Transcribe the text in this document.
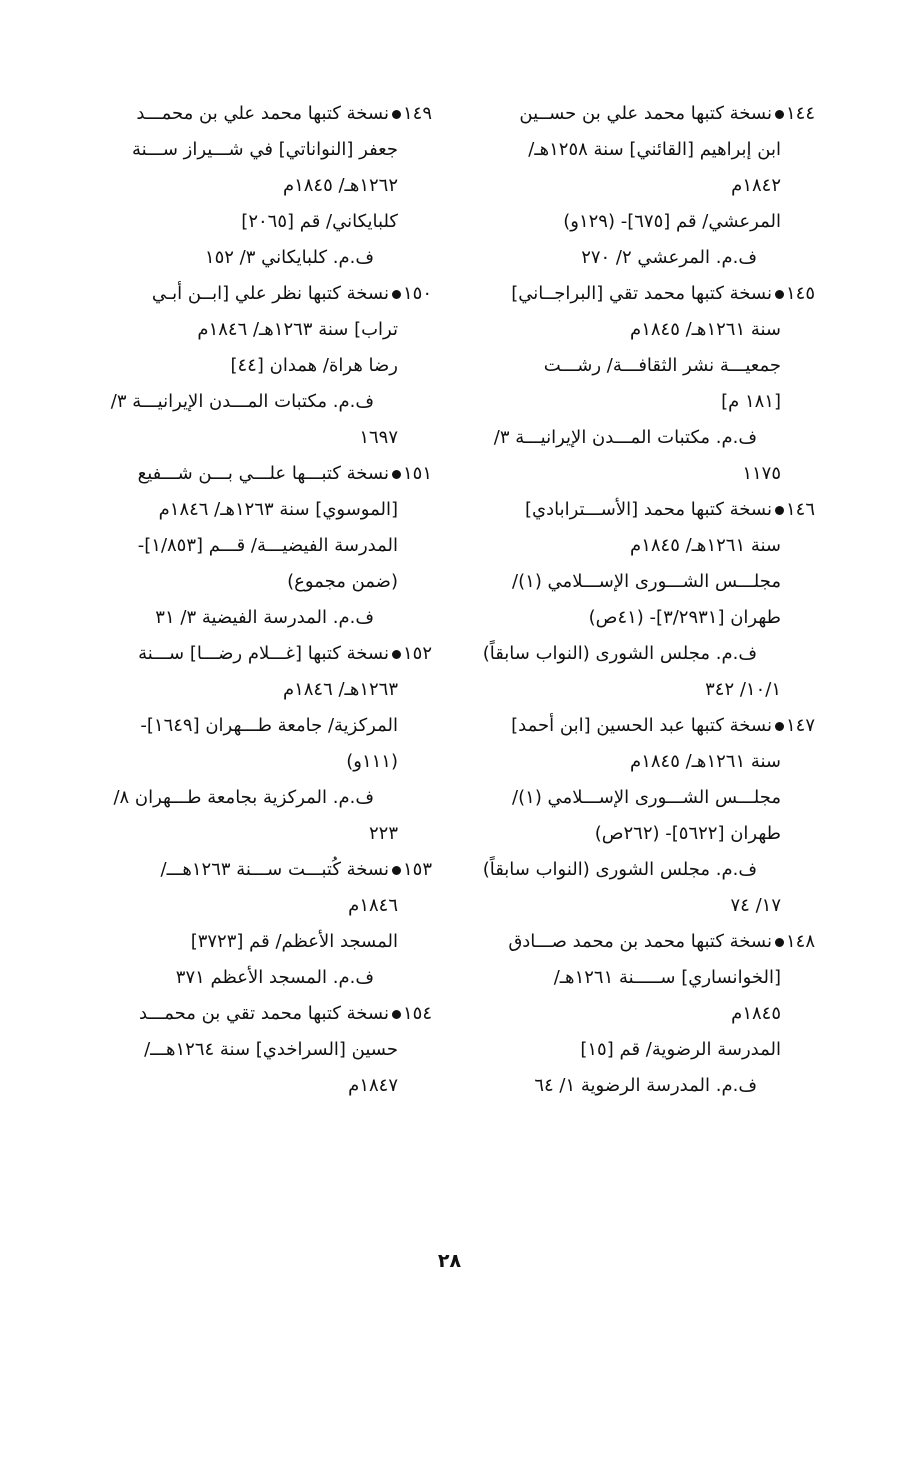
١٤٤نسخة كتبها محمد علي بن حســين
ابن إبراهيم [القائني] سنة ١٢٥٨هـ/
١٨٤٢م
المرعشي/ قم [٦٧٥]- (١٢٩و)
ف.م. المرعشي ٢/ ٢٧٠
١٤٥نسخة كتبها محمد تقي [البراجــاني]
سنة ١٢٦١هـ/ ١٨٤٥م
جمعيـــة نشر الثقافـــة/ رشـــت
[١٨١ م]
ف.م. مكتبات المـــدن الإيرانيـــة ٣/
١١٧٥
١٤٦نسخة كتبها محمد [الأســـترابادي]
سنة ١٢٦١هـ/ ١٨٤٥م
مجلـــس الشـــورى الإســـلامي (١)/
طهران [٣/٢٩٣١]- (٤١ص)
ف.م. مجلس الشورى (النواب سابقاً)
١٠/١/ ٣٤٢
١٤٧نسخة كتبها عبد الحسين [ابن أحمد]
سنة ١٢٦١هـ/ ١٨٤٥م
مجلـــس الشـــورى الإســـلامي (١)/
طهران [٥٦٢٢]- (٢٦٢ص)
ف.م. مجلس الشورى (النواب سابقاً)
١٧/ ٧٤
١٤٨نسخة كتبها محمد بن محمد صـــادق
[الخوانساري] ســـــنة ١٢٦١هـ/
١٨٤٥م
المدرسة الرضوية/ قم [١٥]
ف.م. المدرسة الرضوية ١/ ٦٤
١٤٩نسخة كتبها محمد علي بن محمـــد
جعفر [النواناتي] في شـــيراز ســـنة
١٢٦٢هـ/ ١٨٤٥م
كلبايكاني/ قم [٢٠٦٥]
ف.م. كلبايكاني ٣/ ١٥٢
١٥٠نسخة كتبها نظر علي [ابــن أبـي
تراب] سنة ١٢٦٣هـ/ ١٨٤٦م
رضا هراة/ همدان [٤٤]
ف.م. مكتبات المـــدن الإيرانيـــة ٣/
١٦٩٧
١٥١نسخة كتبـــها علـــي بـــن شـــفيع
[الموسوي] سنة ١٢٦٣هـ/ ١٨٤٦م
المدرسة الفيضيـــة/ قـــم [١/٨٥٣]-
(ضمن مجموع)
ف.م. المدرسة الفيضية ٣/ ٣١
١٥٢نسخة كتبها [غـــلام رضـــا] ســـنة
١٢٦٣هـ/ ١٨٤٦م
المركزية/ جامعة طـــهران [١٦٤٩]-
(١١١و)
ف.م. المركزية بجامعة طـــهران ٨/
٢٢٣
١٥٣نسخة كُتبـــت ســـنة ١٢٦٣هـــ/
١٨٤٦م
المسجد الأعظم/ قم [٣٧٢٣]
ف.م. المسجد الأعظم ٣٧١
١٥٤نسخة كتبها محمد تقي بن محمـــد
حسين [السراخدي] سنة ١٢٦٤هـــ/
١٨٤٧م
٢٨
